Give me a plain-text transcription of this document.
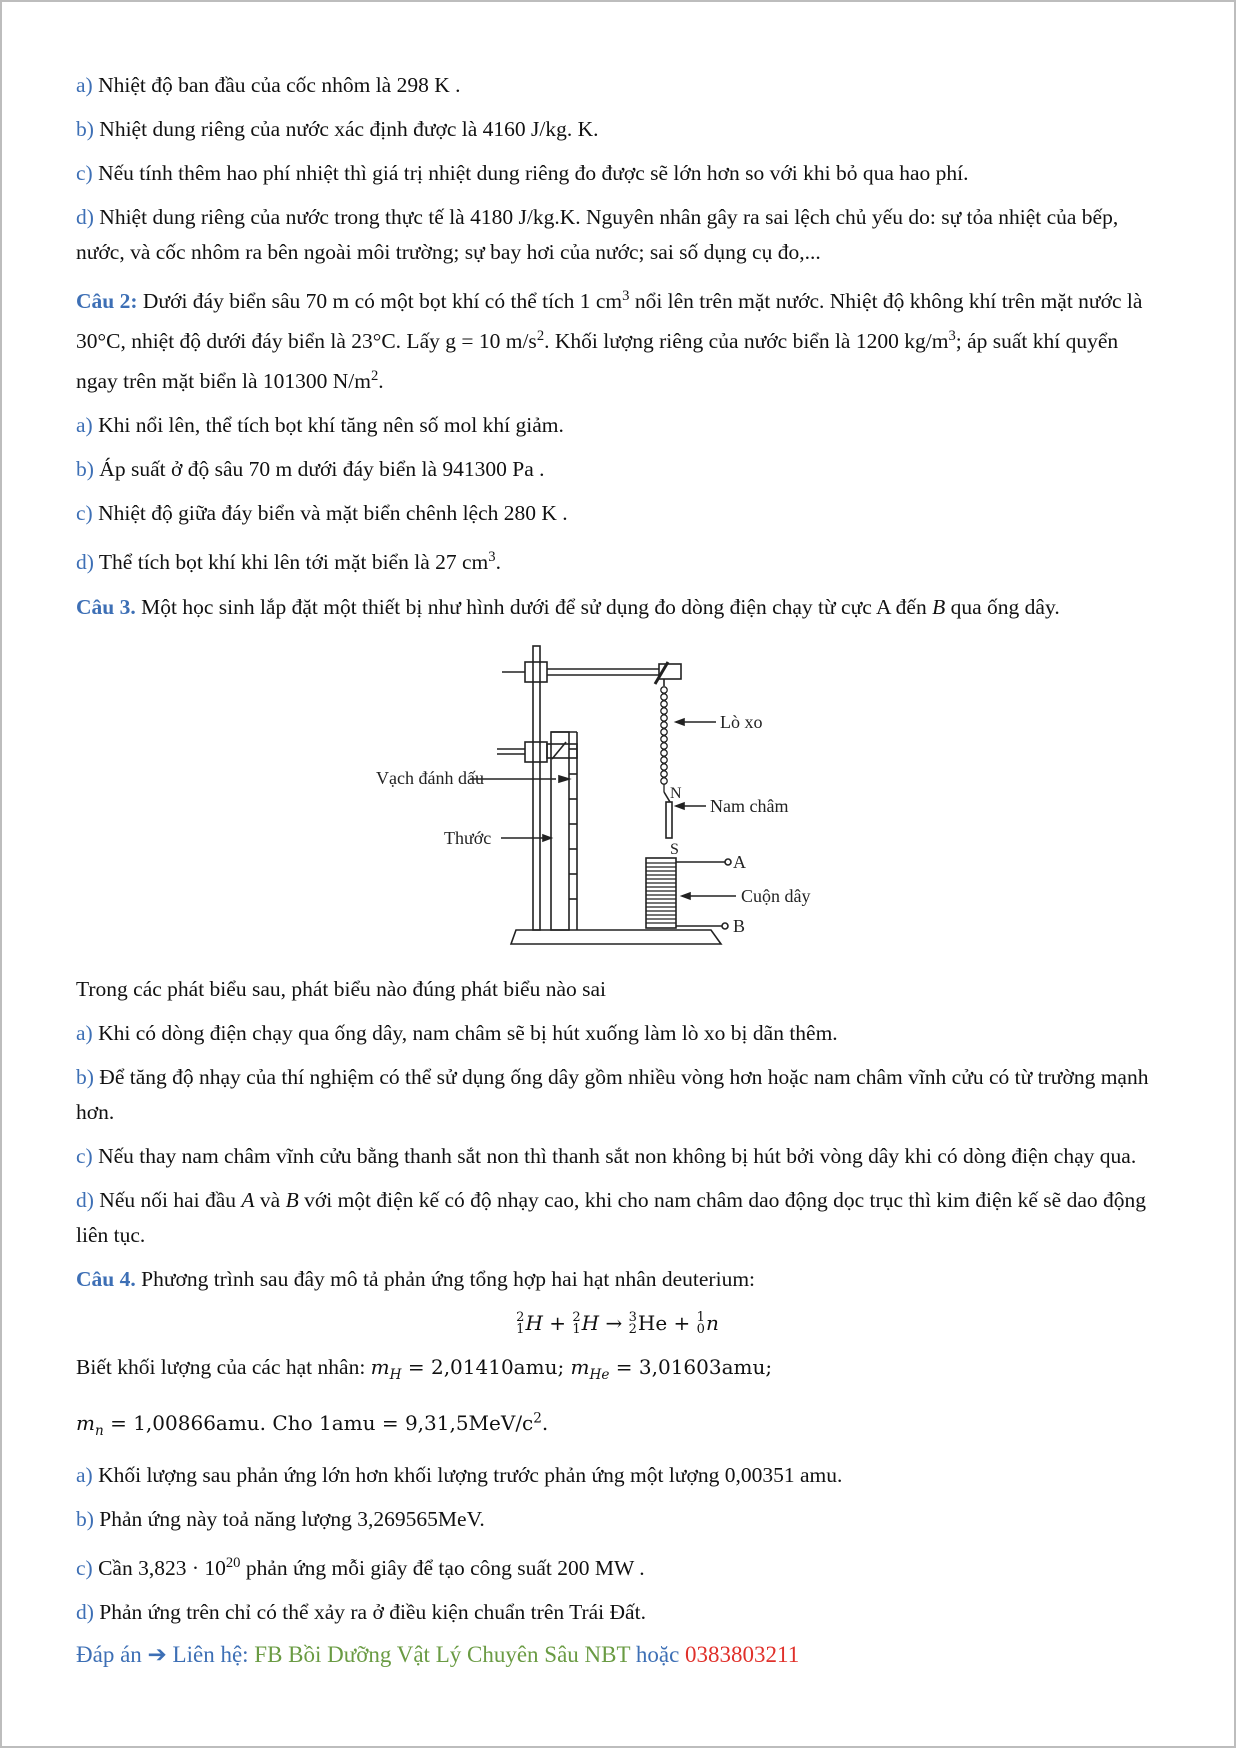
a) Nhiệt độ ban đầu của cốc nhôm là 298 K .

b) Nhiệt dung riêng của nước xác định được là 4160 J/kg. K.

c) Nếu tính thêm hao phí nhiệt thì giá trị nhiệt dung riêng đo được sẽ lớn hơn so với khi bỏ qua hao phí.

d) Nhiệt dung riêng của nước trong thực tế là 4180 J/kg.K. Nguyên nhân gây ra sai lệch chủ yếu do: sự tỏa nhiệt của bếp, nước, và cốc nhôm ra bên ngoài môi trường; sự bay hơi của nước; sai số dụng cụ đo,...

Câu 2: Dưới đáy biển sâu 70 m có một bọt khí có thể tích 1 $cm^3$ nổi lên trên mặt nước. Nhiệt độ không khí trên mặt nước là 30°C, nhiệt độ dưới đáy biển là 23°C. Lấy g = 10 $m/s^2$. Khối lượng riêng của nước biển là 1200 $kg/m^3$; áp suất khí quyển ngay trên mặt biển là 101300 $N/m^2$.

a) Khi nổi lên, thể tích bọt khí tăng nên số mol khí giảm.

b) Áp suất ở độ sâu 70 m dưới đáy biển là 941300 Pa .

c) Nhiệt độ giữa đáy biển và mặt biển chênh lệch 280 K .

d) Thể tích bọt khí khi lên tới mặt biển là 27 $cm^3$.

Câu 3. Một học sinh lắp đặt một thiết bị như hình dưới để sử dụng đo dòng điện chạy từ cực A đến B qua ống dây.

Lò xo
Vạch đánh dấu
N
S
Nam châm
Thước
A
Cuộn dây
B

Trong các phát biểu sau, phát biểu nào đúng phát biểu nào sai

a) Khi có dòng điện chạy qua ống dây, nam châm sẽ bị hút xuống làm lò xo bị dãn thêm.

b) Để tăng độ nhạy của thí nghiệm có thể sử dụng ống dây gồm nhiều vòng hơn hoặc nam châm vĩnh cửu có từ trường mạnh hơn.

c) Nếu thay nam châm vĩnh cửu bằng thanh sắt non thì thanh sắt non không bị hút bởi vòng dây khi có dòng điện chạy qua.

d) Nếu nối hai đầu A và B với một điện kế có độ nhạy cao, khi cho nam châm dao động dọc trục thì kim điện kế sẽ dao động liên tục.

Câu 4. Phương trình sau đây mô tả phản ứng tổng hợp hai hạt nhân deuterium:

2
1H + 2
1H → 3
2He + 1
0n

Biết khối lượng của các hạt nhân: $m_H = 2,01410amu$; $m_{He} = 3,01603amu$;

$m_n = 1,00866amu$. Cho $1amu = 9,31,5MeV/c^2$.

a) Khối lượng sau phản ứng lớn hơn khối lượng trước phản ứng một lượng 0,00351 amu.

b) Phản ứng này toả năng lượng 3,269565MeV.

c) Cần $3,823 \cdot 10^{20}$ phản ứng mỗi giây để tạo công suất 200 MW .

d) Phản ứng trên chỉ có thể xảy ra ở điều kiện chuẩn trên Trái Đất.

Đáp án ➔ Liên hệ: FB Bồi Dưỡng Vật Lý Chuyên Sâu NBT hoặc 0383803211
